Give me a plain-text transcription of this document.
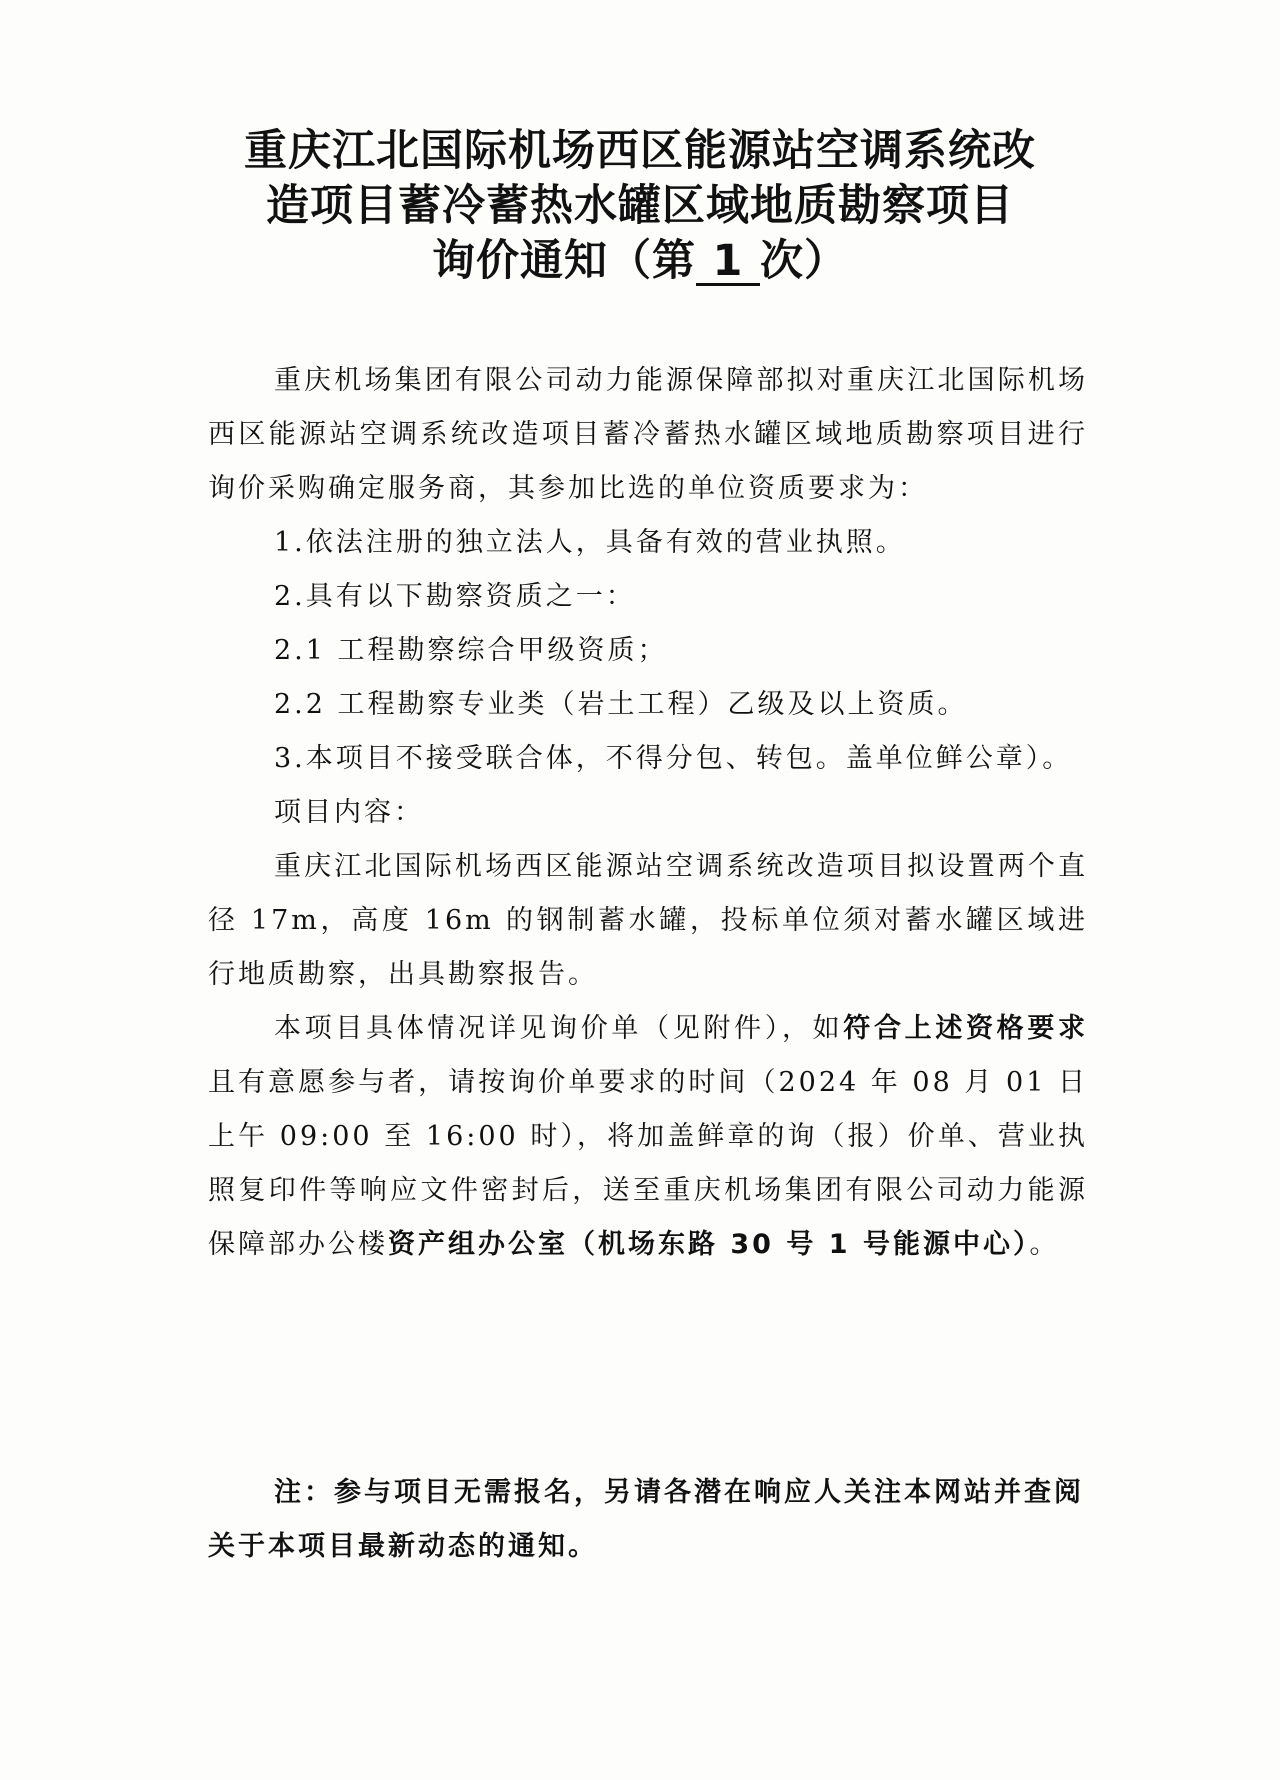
重庆江北国际机场西区能源站空调系统改
造项目蓄冷蓄热水罐区域地质勘察项目
询价通知（第 1 次）

重庆机场集团有限公司动力能源保障部拟对重庆江北国际机场西区能源站空调系统改造项目蓄冷蓄热水罐区域地质勘察项目进行询价采购确定服务商，其参加比选的单位资质要求为：

1.依法注册的独立法人，具备有效的营业执照。

2.具有以下勘察资质之一：

2.1 工程勘察综合甲级资质；

2.2 工程勘察专业类（岩土工程）乙级及以上资质。

3.本项目不接受联合体，不得分包、转包。盖单位鲜公章）。

项目内容：

重庆江北国际机场西区能源站空调系统改造项目拟设置两个直径 17m，高度 16m 的钢制蓄水罐，投标单位须对蓄水罐区域进行地质勘察，出具勘察报告。

本项目具体情况详见询价单（见附件），如符合上述资格要求且有意愿参与者，请按询价单要求的时间（2024 年 08 月 01 日上午 09:00 至 16:00 时），将加盖鲜章的询（报）价单、营业执照复印件等响应文件密封后，送至重庆机场集团有限公司动力能源保障部办公楼资产组办公室（机场东路 30 号 1 号能源中心）。

注：参与项目无需报名，另请各潜在响应人关注本网站并查阅关于本项目最新动态的通知。
